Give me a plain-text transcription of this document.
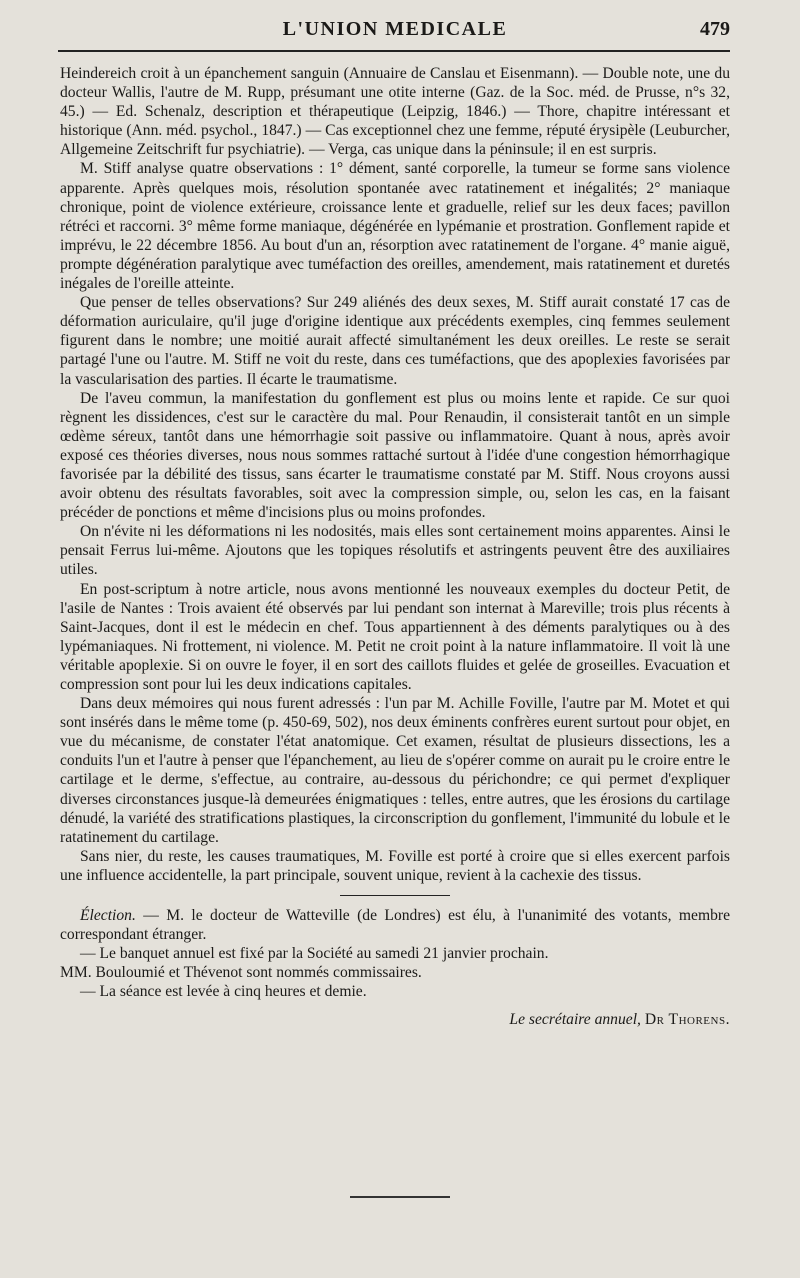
L'UNION MEDICALE	479

Heindereich croit à un épanchement sanguin (Annuaire de Canslau et Eisenmann). — Double note, une du docteur Wallis, l'autre de M. Rupp, présumant une otite interne (Gaz. de la Soc. méd. de Prusse, n°s 32, 45.) — Ed. Schenalz, description et thérapeutique (Leipzig, 1846.) — Thore, chapitre intéressant et historique (Ann. méd. psychol., 1847.) — Cas exceptionnel chez une femme, réputé érysipèle (Leuburcher, Allgemeine Zeitschrift fur psychiatrie). — Verga, cas unique dans la péninsule; il en est surpris.

M. Stiff analyse quatre observations : 1° dément, santé corporelle, la tumeur se forme sans violence apparente. Après quelques mois, résolution spontanée avec ratatinement et inégalités; 2° maniaque chronique, point de violence extérieure, croissance lente et graduelle, relief sur les deux faces; pavillon rétréci et raccorni. 3° même forme maniaque, dégénérée en lypémanie et prostration. Gonflement rapide et imprévu, le 22 décembre 1856. Au bout d'un an, résorption avec ratatinement de l'organe. 4° manie aiguë, prompte dégénération paralytique avec tuméfaction des oreilles, amendement, mais ratatinement et duretés inégales de l'oreille atteinte.

Que penser de telles observations? Sur 249 aliénés des deux sexes, M. Stiff aurait constaté 17 cas de déformation auriculaire, qu'il juge d'origine identique aux précédents exemples, cinq femmes seulement figurent dans le nombre; une moitié aurait affecté simultanément les deux oreilles. Le reste se serait partagé l'une ou l'autre. M. Stiff ne voit du reste, dans ces tuméfactions, que des apoplexies favorisées par la vascularisation des parties. Il écarte le traumatisme.

De l'aveu commun, la manifestation du gonflement est plus ou moins lente et rapide. Ce sur quoi règnent les dissidences, c'est sur le caractère du mal. Pour Renaudin, il consisterait tantôt en un simple œdème séreux, tantôt dans une hémorrhagie soit passive ou inflammatoire. Quant à nous, après avoir exposé ces théories diverses, nous nous sommes rattaché surtout à l'idée d'une congestion hémorrhagique favorisée par la débilité des tissus, sans écarter le traumatisme constaté par M. Stiff. Nous croyons aussi avoir obtenu des résultats favorables, soit avec la compression simple, ou, selon les cas, en la faisant précéder de ponctions et même d'incisions plus ou moins profondes.

On n'évite ni les déformations ni les nodosités, mais elles sont certainement moins apparentes. Ainsi le pensait Ferrus lui-même. Ajoutons que les topiques résolutifs et astringents peuvent être des auxiliaires utiles.

En post-scriptum à notre article, nous avons mentionné les nouveaux exemples du docteur Petit, de l'asile de Nantes : Trois avaient été observés par lui pendant son internat à Mareville; trois plus récents à Saint-Jacques, dont il est le médecin en chef. Tous appartiennent à des déments paralytiques ou à des lypémaniaques. Ni frottement, ni violence. M. Petit ne croit point à la nature inflammatoire. Il voit là une véritable apoplexie. Si on ouvre le foyer, il en sort des caillots fluides et gelée de groseilles. Evacuation et compression sont pour lui les deux indications capitales.

Dans deux mémoires qui nous furent adressés : l'un par M. Achille Foville, l'autre par M. Motet et qui sont insérés dans le même tome (p. 450-69, 502), nos deux éminents confrères eurent surtout pour objet, en vue du mécanisme, de constater l'état anatomique. Cet examen, résultat de plusieurs dissections, les a conduits l'un et l'autre à penser que l'épanchement, au lieu de s'opérer comme on aurait pu le croire entre le cartilage et le derme, s'effectue, au contraire, au-dessous du périchondre; ce qui permet d'expliquer diverses circonstances jusque-là demeurées énigmatiques : telles, entre autres, que les érosions du cartilage dénudé, la variété des stratifications plastiques, la circonscription du gonflement, l'immunité du lobule et le ratatinement du cartilage.

Sans nier, du reste, les causes traumatiques, M. Foville est porté à croire que si elles exercent parfois une influence accidentelle, la part principale, souvent unique, revient à la cachexie des tissus.

Élection. — M. le docteur de Watteville (de Londres) est élu, à l'unanimité des votants, membre correspondant étranger.

— Le banquet annuel est fixé par la Société au samedi 21 janvier prochain.

MM. Bouloumié et Thévenot sont nommés commissaires.

— La séance est levée à cinq heures et demie.

Le secrétaire annuel, Dr Thorens.
